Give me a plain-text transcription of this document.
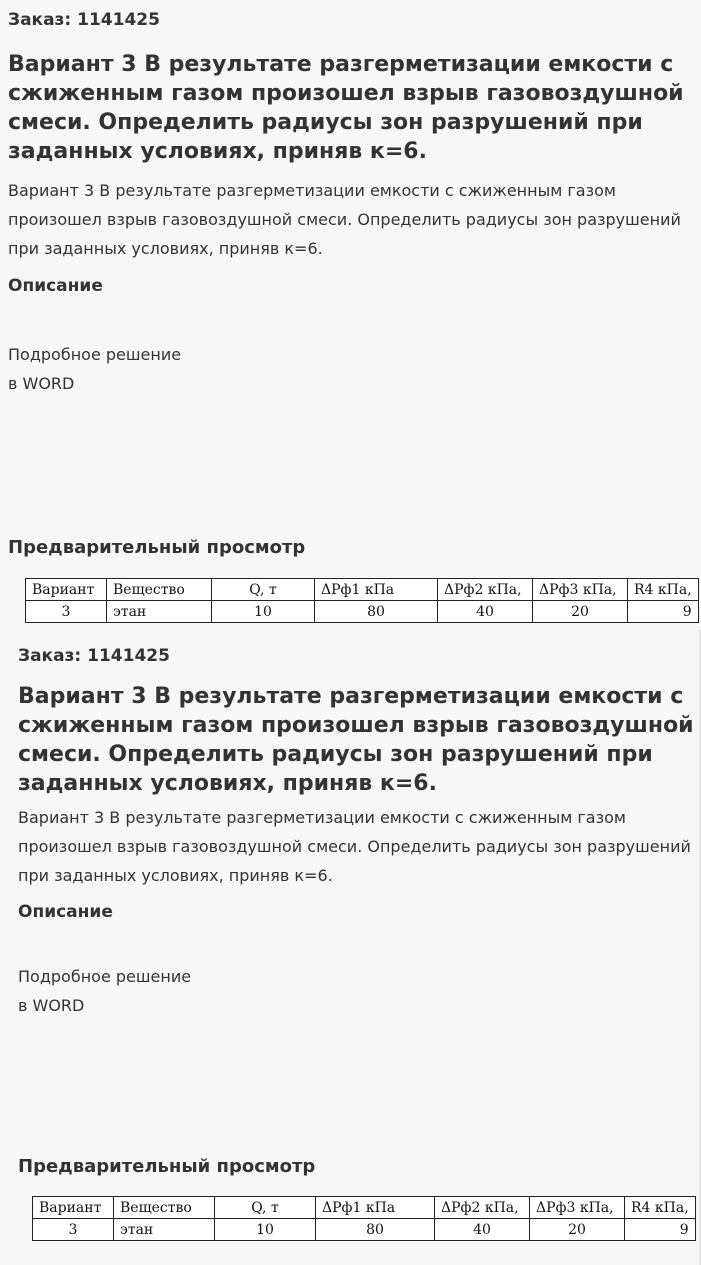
Заказ: 1141425
Вариант 3 В результате разгерметизации емкости с сжиженным газом произошел взрыв газовоздушной смеси. Определить радиусы зон разрушений при заданных условиях, приняв к=6.
Вариант 3 В результате разгерметизации емкости с сжиженным газом произошел взрыв газовоздушной смеси. Определить радиусы зон разрушений при заданных условиях, приняв к=6.
Описание
Подробное решение
в WORD
Предварительный просмотр
Вариант	Вещество	Q, т	ΔPф1 кПа	ΔPф2 кПа,	ΔPф3 кПа,	R4 кПа,
3	этан	10	80	40	20	9
Заказ: 1141425
Вариант 3 В результате разгерметизации емкости с сжиженным газом произошел взрыв газовоздушной смеси. Определить радиусы зон разрушений при заданных условиях, приняв к=6.
Вариант 3 В результате разгерметизации емкости с сжиженным газом произошел взрыв газовоздушной смеси. Определить радиусы зон разрушений при заданных условиях, приняв к=6.
Описание
Подробное решение
в WORD
Предварительный просмотр
Вариант	Вещество	Q, т	ΔPф1 кПа	ΔPф2 кПа,	ΔPф3 кПа,	R4 кПа,
3	этан	10	80	40	20	9
